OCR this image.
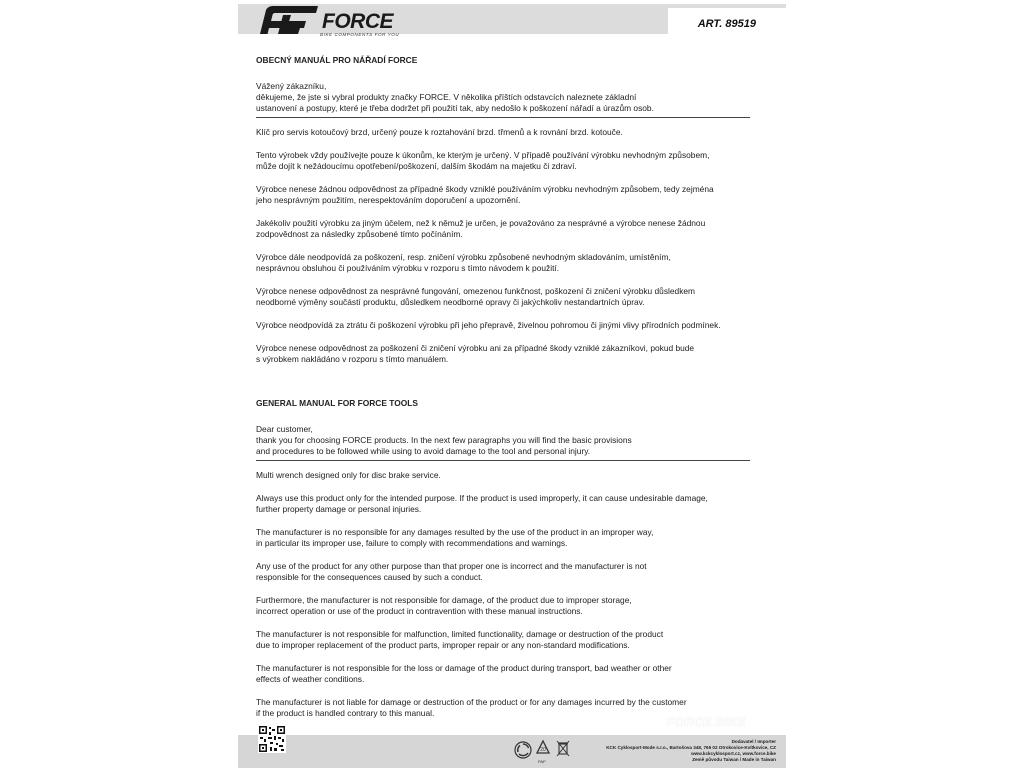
FORCE
BIKE COMPONENTS FOR YOU
ART. 89519
OBECNÝ MANUÁL PRO NÁŘADÍ FORCE
Vážený zákazníku,
děkujeme, že jste si vybral produkty značky FORCE. V několika příštích odstavcích naleznete základní
ustanovení a postupy, které je třeba dodržet při použití tak, aby nedošlo k poškození nářadí a úrazům osob.
Klíč pro servis kotoučový brzd, určený pouze k roztahování brzd. třmenů a k rovnání brzd. kotouče.
Tento výrobek vždy používejte pouze k úkonům, ke kterým je určený. V případě používání výrobku nevhodným způsobem,
může dojít k nežádoucímu opotřebení/poškození, dalším škodám na majetku či zdraví.
Výrobce nenese žádnou odpovědnost za případné škody vzniklé používáním výrobku nevhodným způsobem, tedy zejména
jeho nesprávným použitím, nerespektováním doporučení a upozornění.
Jakékoliv použití výrobku za jiným účelem, než k němuž je určen, je považováno za nesprávné a výrobce nenese žádnou
zodpovědnost za následky způsobené tímto počínáním.
Výrobce dále neodpovídá za poškození, resp. zničení výrobku způsobené nevhodným skladováním, umístěním,
nesprávnou obsluhou či používáním výrobku v rozporu s tímto návodem k použití.
Výrobce nenese odpovědnost za nesprávné fungování, omezenou funkčnost, poškození či zničení výrobku důsledkem
neodborné výměny součástí produktu, důsledkem neodborné opravy či jakýchkoliv nestandartních úprav.
Výrobce neodpovídá za ztrátu či poškození výrobku při jeho přepravě, živelnou pohromou či jinými vlivy přírodních podmínek.
Výrobce nenese odpovědnost za poškození či zničení výrobku ani za případné škody vzniklé zákazníkovi, pokud bude
s výrobkem nakládáno v rozporu s tímto manuálem.
GENERAL MANUAL FOR FORCE TOOLS
Dear customer,
thank you for choosing FORCE products. In the next few paragraphs you will find the basic provisions
and procedures to be followed while using to avoid damage to the tool and personal injury.
Multi wrench designed only for disc brake service.
Always use this product only for the intended purpose. If the product is used improperly, it can cause undesirable damage,
further property damage or personal injuries.
The manufacturer is no responsible for any damages resulted by the use of the product in an improper way,
in particular its improper use, failure to comply with recommendations and warnings.
Any use of the product for any other purpose than that proper one is incorrect and the manufacturer is not
responsible for the consequences caused by such a conduct.
Furthermore, the manufacturer is not responsible for damage, of the product due to improper storage,
incorrect operation or use of the product in contravention with these manual instructions.
The manufacturer is not responsible for malfunction, limited functionality, damage or destruction of the product
due to improper replacement of the product parts, improper repair or any non-standard modifications.
The manufacturer is not responsible for the loss or damage of the product during transport, bad weather or other
effects of weather conditions.
The manufacturer is not liable for damage or destruction of the product or for any damages incurred by the customer
if the product is handled contrary to this manual.
FORCE.BIKE
20
PAP
Dodavatel / Importer
KCK Cyklosport-Mode s.r.o., Bartošova 348, 765 02 Otrokovice-Kvítkovice, CZ
www.kckcyklosport.cz, www.force.bike
Země původu Taiwan / Made in Taiwan
